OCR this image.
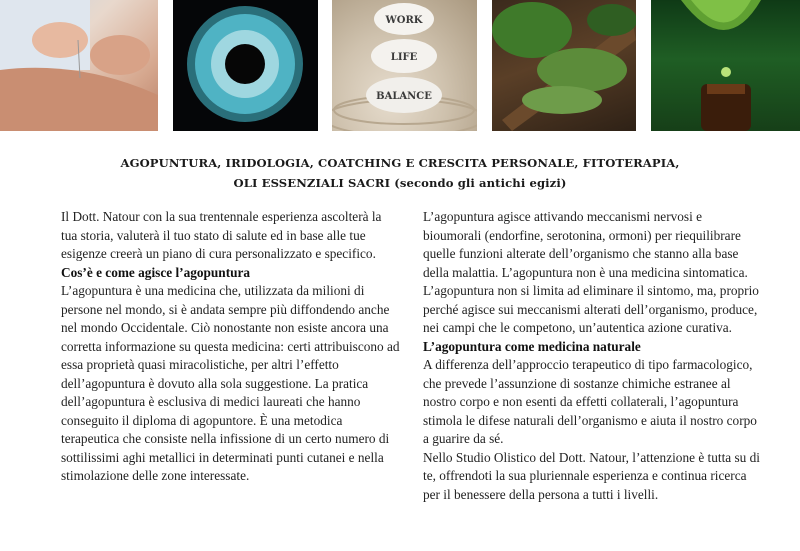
WORK
LIFE
BALANCE
AGOPUNTURA, IRIDOLOGIA, COATCHING E CRESCITA PERSONALE, FITOTERAPIA,
OLI ESSENZIALI SACRI (secondo gli antichi egizi)

Il Dott. Natour con la sua trentennale esperienza ascolterà la tua storia, valuterà il tuo stato di salute ed in base alle tue esigenze creerà un piano di cura personalizzato e specifico.

Cos’è e come agisce l’agopuntura

L’agopuntura è una medicina che, utilizzata da milioni di persone nel mondo, si è andata sempre più diffondendo anche nel mondo Occidentale. Ciò nonostante non esiste ancora una corretta informazione su questa medicina: certi attribuiscono ad essa proprietà quasi miracolistiche, per altri l’effetto dell’agopuntura è dovuto alla sola suggestione. La pratica dell’agopuntura è esclusiva di medici laureati che hanno conseguito il diploma di agopuntore. È una metodica terapeutica che consiste nella infissione di un certo numero di sottilissimi aghi metallici in determinati punti cutanei e nella stimolazione delle zone interessate.

L’agopuntura agisce attivando meccanismi nervosi e bioumorali (endorfine, serotonina, ormoni) per riequilibrare quelle funzioni alterate dell’organismo che stanno alla base della malattia. L’agopuntura non è una medicina sintomatica. L’agopuntura non si limita ad eliminare il sintomo, ma, proprio perché agisce sui meccanismi alterati dell’organismo, produce, nei campi che le competono, un’autentica azione curativa.

L’agopuntura come medicina naturale

A differenza dell’approccio terapeutico di tipo farmacologico, che prevede l’assunzione di sostanze chimiche estranee al nostro corpo e non esenti da effetti collaterali, l’agopuntura stimola le difese naturali dell’organismo e aiuta il nostro corpo a guarire da sé.

Nello Studio Olistico del Dott. Natour, l’attenzione è tutta su di te, offrendoti la sua pluriennale esperienza e continua ricerca per il benessere della persona a tutti i livelli.
